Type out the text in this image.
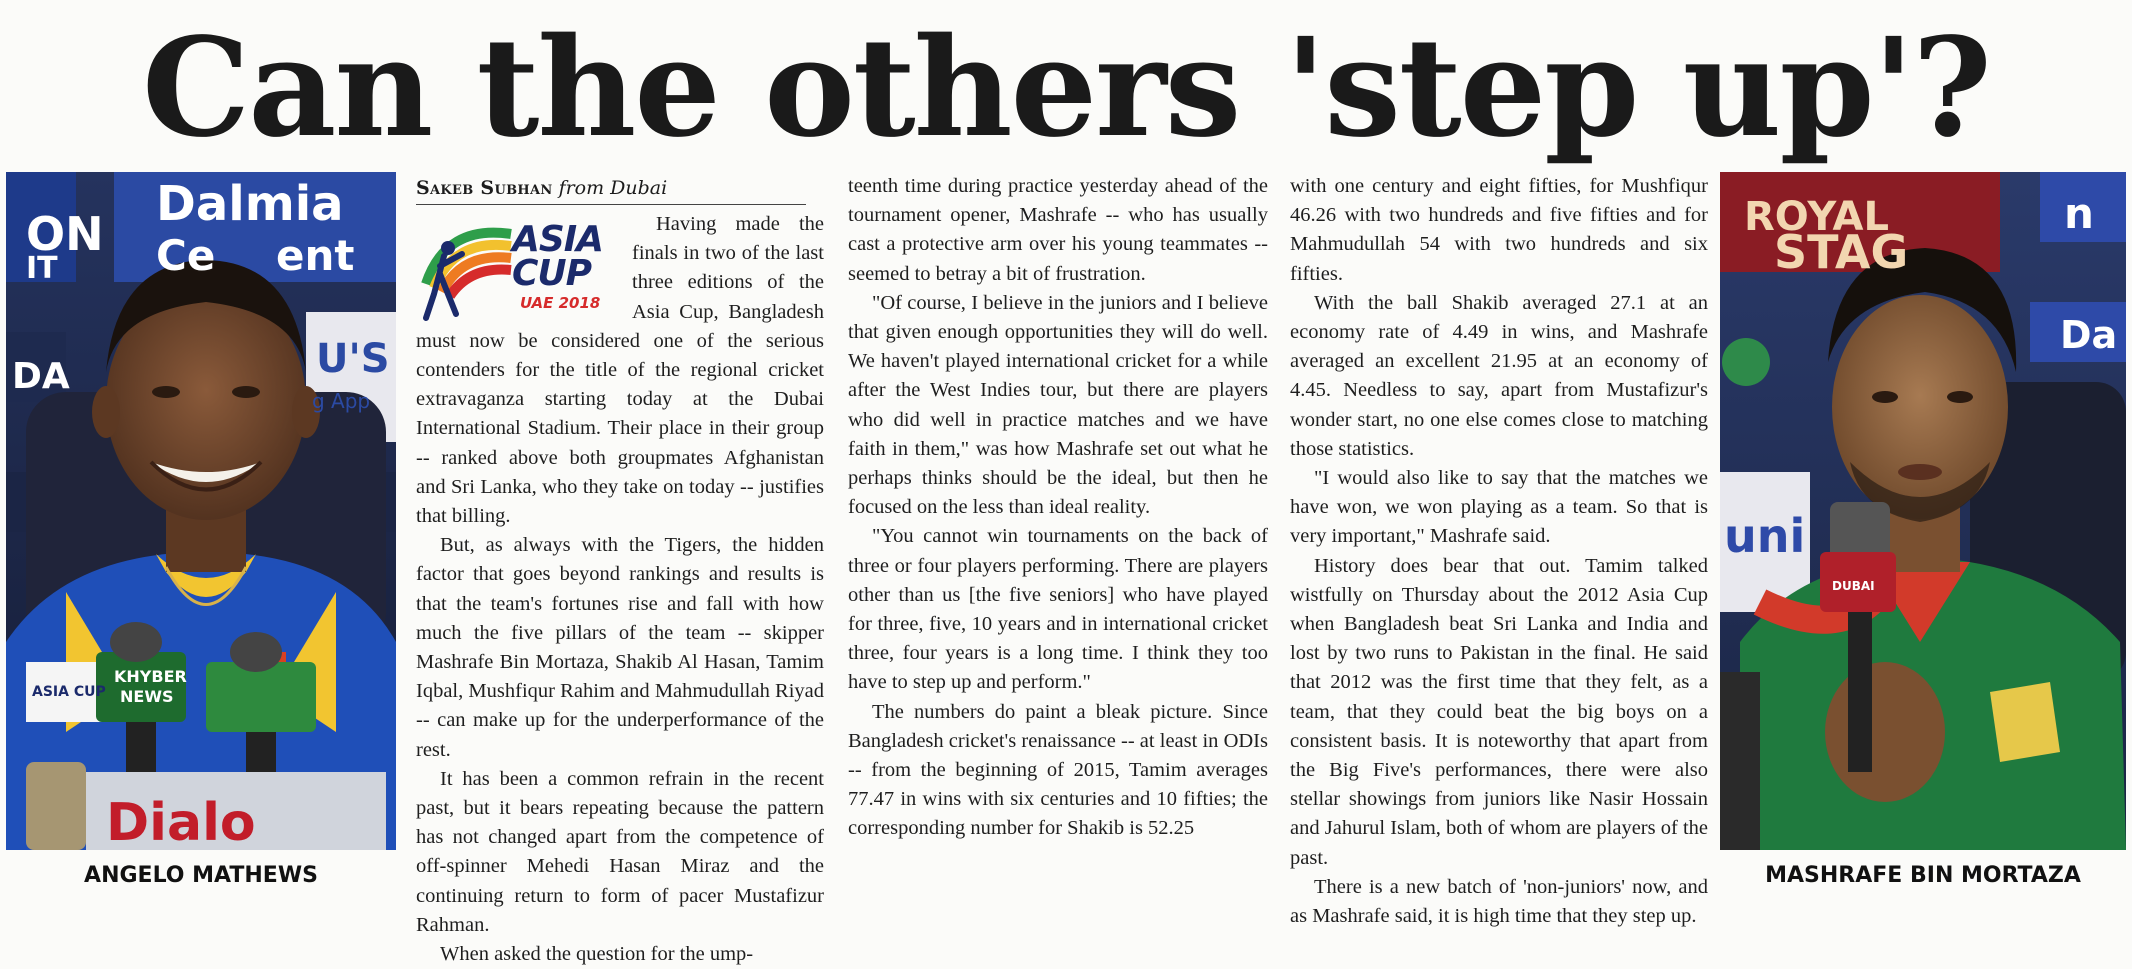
Can the others 'step up'?
ON
IT
Dalmia
Ce ent
DA	U'S
g App
KHYBER
NEWS
Dialo
ASIA CUP
ANGELO MATHEWS
ROYAL
STAG
n
Da
uni
DUBAI
MASHRAFE BIN MORTAZA
Sakeb Subhan from Dubai
ASIA
CUP
UAE 2018

Having made the finals in two of the last three editions of the Asia Cup, Bangladesh must now be considered one of the serious contenders for the title of the regional cricket extravaganza starting today at the Dubai International Stadium. Their place in their group -- ranked above both groupmates Afghanistan and Sri Lanka, who they take on today -- justifies that billing.

But, as always with the Tigers, the hidden factor that goes beyond rankings and results is that the team's fortunes rise and fall with how much the five pillars of the team -- skipper Mashrafe Bin Mortaza, Shakib Al Hasan, Tamim Iqbal, Mushfiqur Rahim and Mahmudullah Riyad -- can make up for the underperformance of the rest.

It has been a common refrain in the recent past, but it bears repeating because the pattern has not changed apart from the competence of off-spinner Mehedi Hasan Miraz and the continuing return to form of pacer Mustafizur Rahman.

When asked the question for the ump-

teenth time during practice yesterday ahead of the tournament opener, Mashrafe -- who has usually cast a protective arm over his young teammates -- seemed to betray a bit of frustration.

"Of course, I believe in the juniors and I believe that given enough opportunities they will do well. We haven't played international cricket for a while after the West Indies tour, but there are players who did well in practice matches and we have faith in them," was how Mashrafe set out what he perhaps thinks should be the ideal, but then he focused on the less than ideal reality.

"You cannot win tournaments on the back of three or four players performing. There are players other than us [the five seniors] who have played for three, five, 10 years and in international cricket three, four years is a long time. I think they too have to step up and perform."

The numbers do paint a bleak picture. Since Bangladesh cricket's renaissance -- at least in ODIs -- from the beginning of 2015, Tamim averages 77.47 in wins with six centuries and 10 fifties; the corresponding number for Shakib is 52.25

with one century and eight fifties, for Mushfiqur 46.26 with two hundreds and five fifties and for Mahmudullah 54 with two hundreds and six fifties.

With the ball Shakib averaged 27.1 at an economy rate of 4.49 in wins, and Mashrafe averaged an excellent 21.95 at an economy of 4.45. Needless to say, apart from Mustafizur's wonder start, no one else comes close to matching those statistics.

"I would also like to say that the matches we have won, we won playing as a team. So that is very important," Mashrafe said.

History does bear that out. Tamim talked wistfully on Thursday about the 2012 Asia Cup when Bangladesh beat Sri Lanka and India and lost by two runs to Pakistan in the final. He said that 2012 was the first time that they felt, as a team, that they could beat the big boys on a consistent basis. It is noteworthy that apart from the Big Five's performances, there were also stellar showings from juniors like Nasir Hossain and Jahurul Islam, both of whom are players of the past.

There is a new batch of 'non-juniors' now, and as Mashrafe said, it is high time that they step up.
